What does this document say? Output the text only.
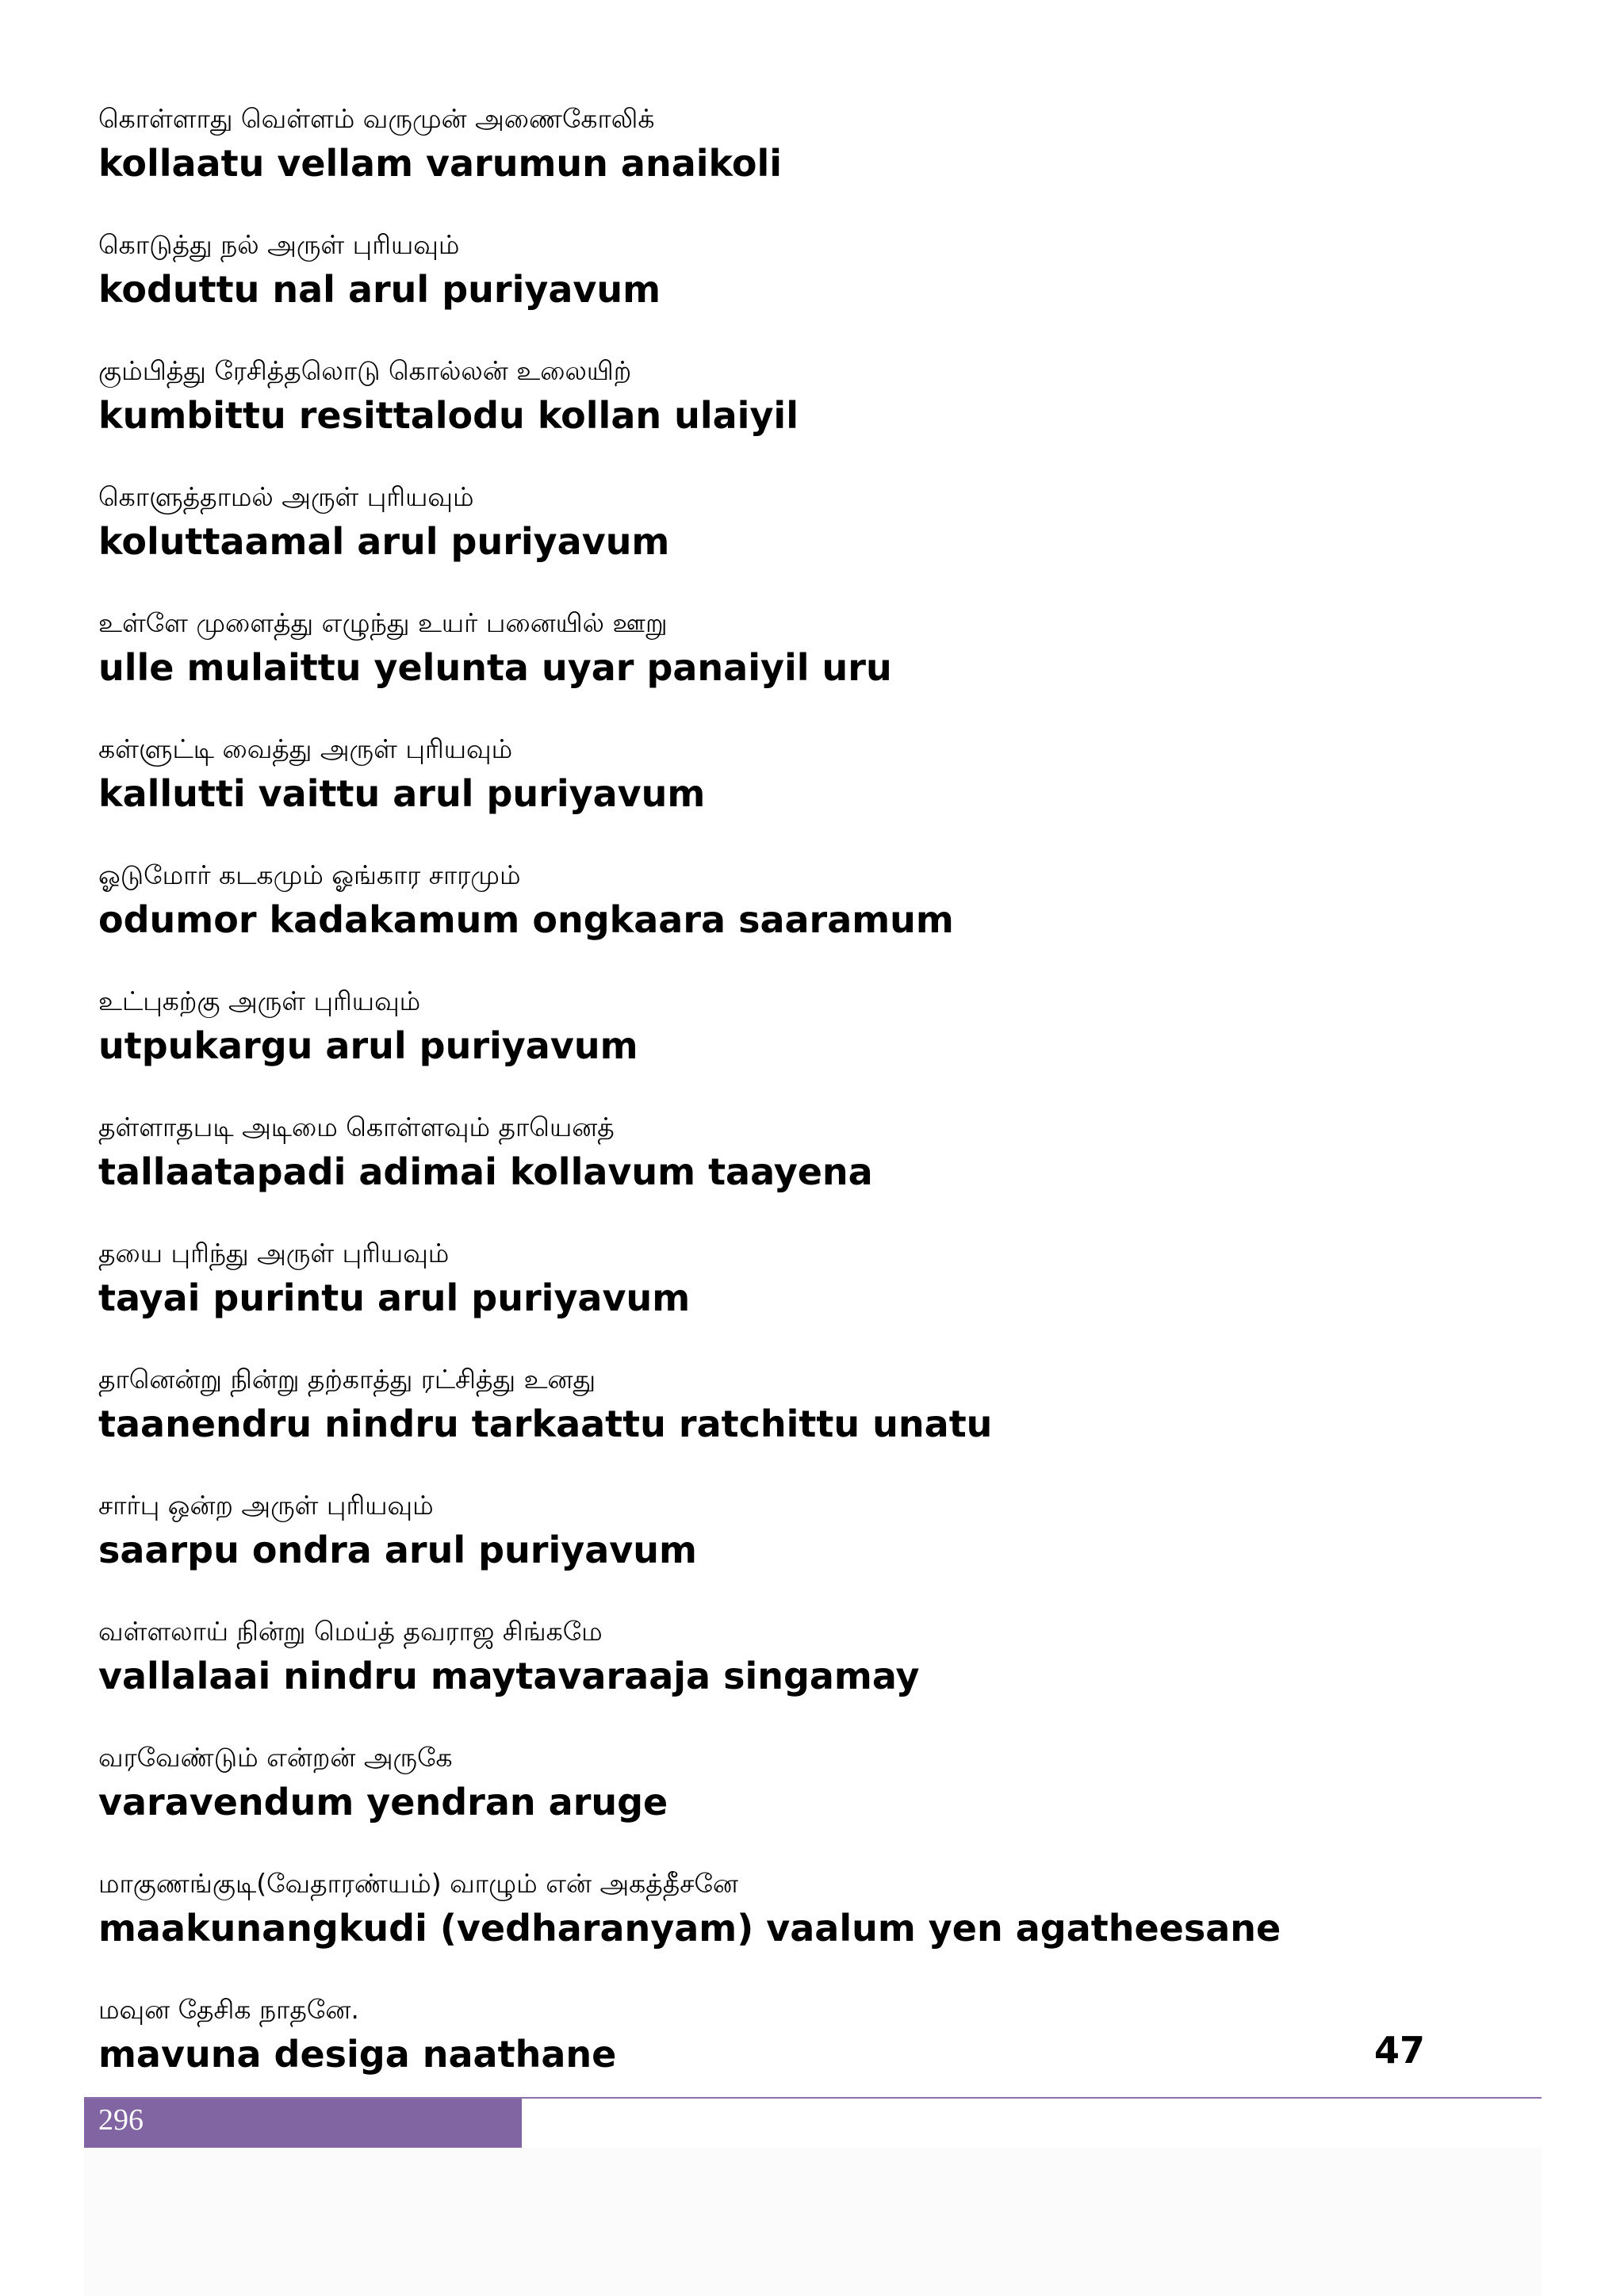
கொள்ளாது வெள்ளம் வருமுன் அணைகோலிக்
kollaatu vellam varumun anaikoli
கொடுத்து நல் அருள் புரியவும்
koduttu nal arul puriyavum
கும்பித்து ரேசித்தலொடு கொல்லன் உலையிற்
kumbittu resittalodu kollan ulaiyil
கொளுத்தாமல் அருள் புரியவும்
koluttaamal arul puriyavum
உள்ளே முளைத்து எழுந்து உயர் பனையில் ஊறு
ulle mulaittu yelunta uyar panaiyil uru
கள்ளுட்டி வைத்து அருள் புரியவும்
kallutti vaittu arul puriyavum
ஓடுமோர் கடகமும் ஓங்கார சாரமும்
odumor kadakamum ongkaara saaramum
உட்புகற்கு அருள் புரியவும்
utpukargu arul puriyavum
தள்ளாதபடி அடிமை கொள்ளவும் தாயெனத்
tallaatapadi adimai kollavum taayena
தயை புரிந்து அருள் புரியவும்
tayai purintu arul puriyavum
தானென்று நின்று தற்காத்து ரட்சித்து உனது
taanendru nindru tarkaattu ratchittu unatu
சார்பு ஒன்ற அருள் புரியவும்
saarpu ondra arul puriyavum
வள்ளலாய் நின்று மெய்த் தவராஜ சிங்கமே
vallalaai nindru maytavaraaja singamay
வரவேண்டும் என்றன் அருகே
varavendum yendran aruge
மாகுணங்குடி(வேதாரண்யம்) வாழும் என் அகத்தீசனே
maakunangkudi (vedharanyam) vaalum yen agatheesane
மவுன தேசிக நாதனே.
mavuna desiga naathane	47
296
